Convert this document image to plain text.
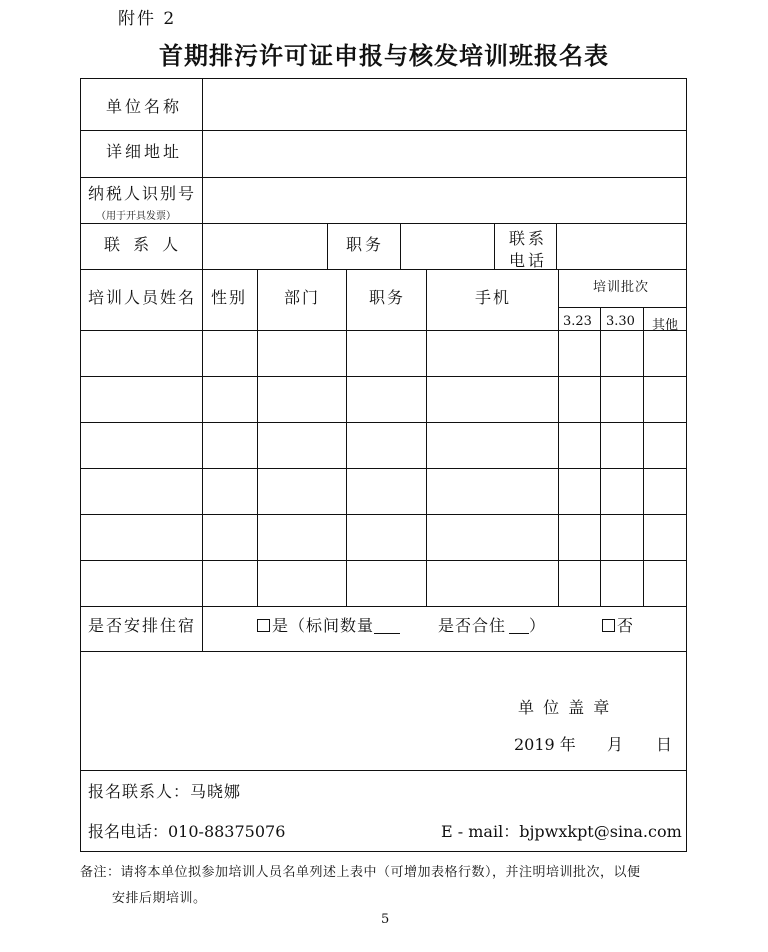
附件 2
首期排污许可证申报与核发培训班报名表
单位名称
详细地址
纳税人识别号
（用于开具发票）
联 系 人	职务	联系
电话
培训人员姓名 性别 部门	职务	手机
培训批次
3.23 3.30 其他
是否安排住宿	是（标间数量	是否合住 ）	否
单 位 盖 章
2019 年 月 日
报名联系人：马晓娜
报名电话：010-88375076	E - mail：bjpwxkpt@sina.com
备注：请将本单位拟参加培训人员名单列述上表中（可增加表格行数），并注明培训批次，以便
安排后期培训。
5
